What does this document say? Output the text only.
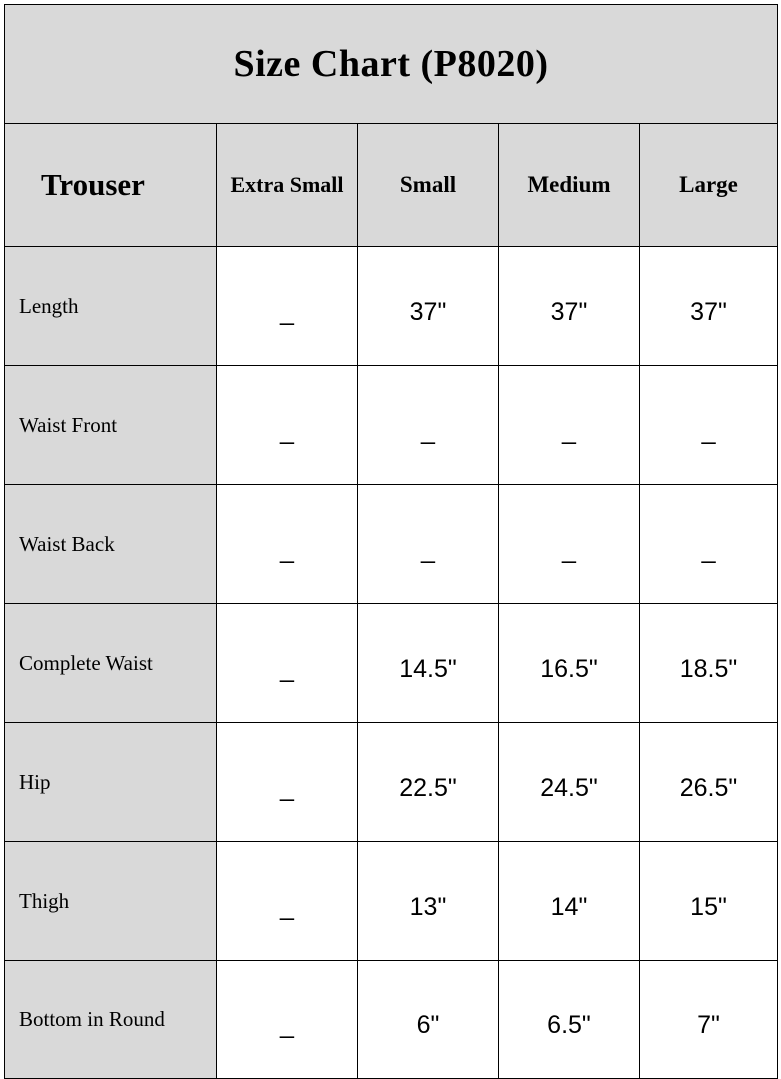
Size Chart (P8020)				
Trouser	Extra Small	Small	Medium	Large
Length	_	37"	37"	37"
Waist Front	_	_	_	_
Waist Back	_	_	_	_
Complete Waist	_	14.5"	16.5"	18.5"
Hip	_	22.5"	24.5"	26.5"
Thigh	_	13"	14"	15"
Bottom in Round	_	6"	6.5"	7"
